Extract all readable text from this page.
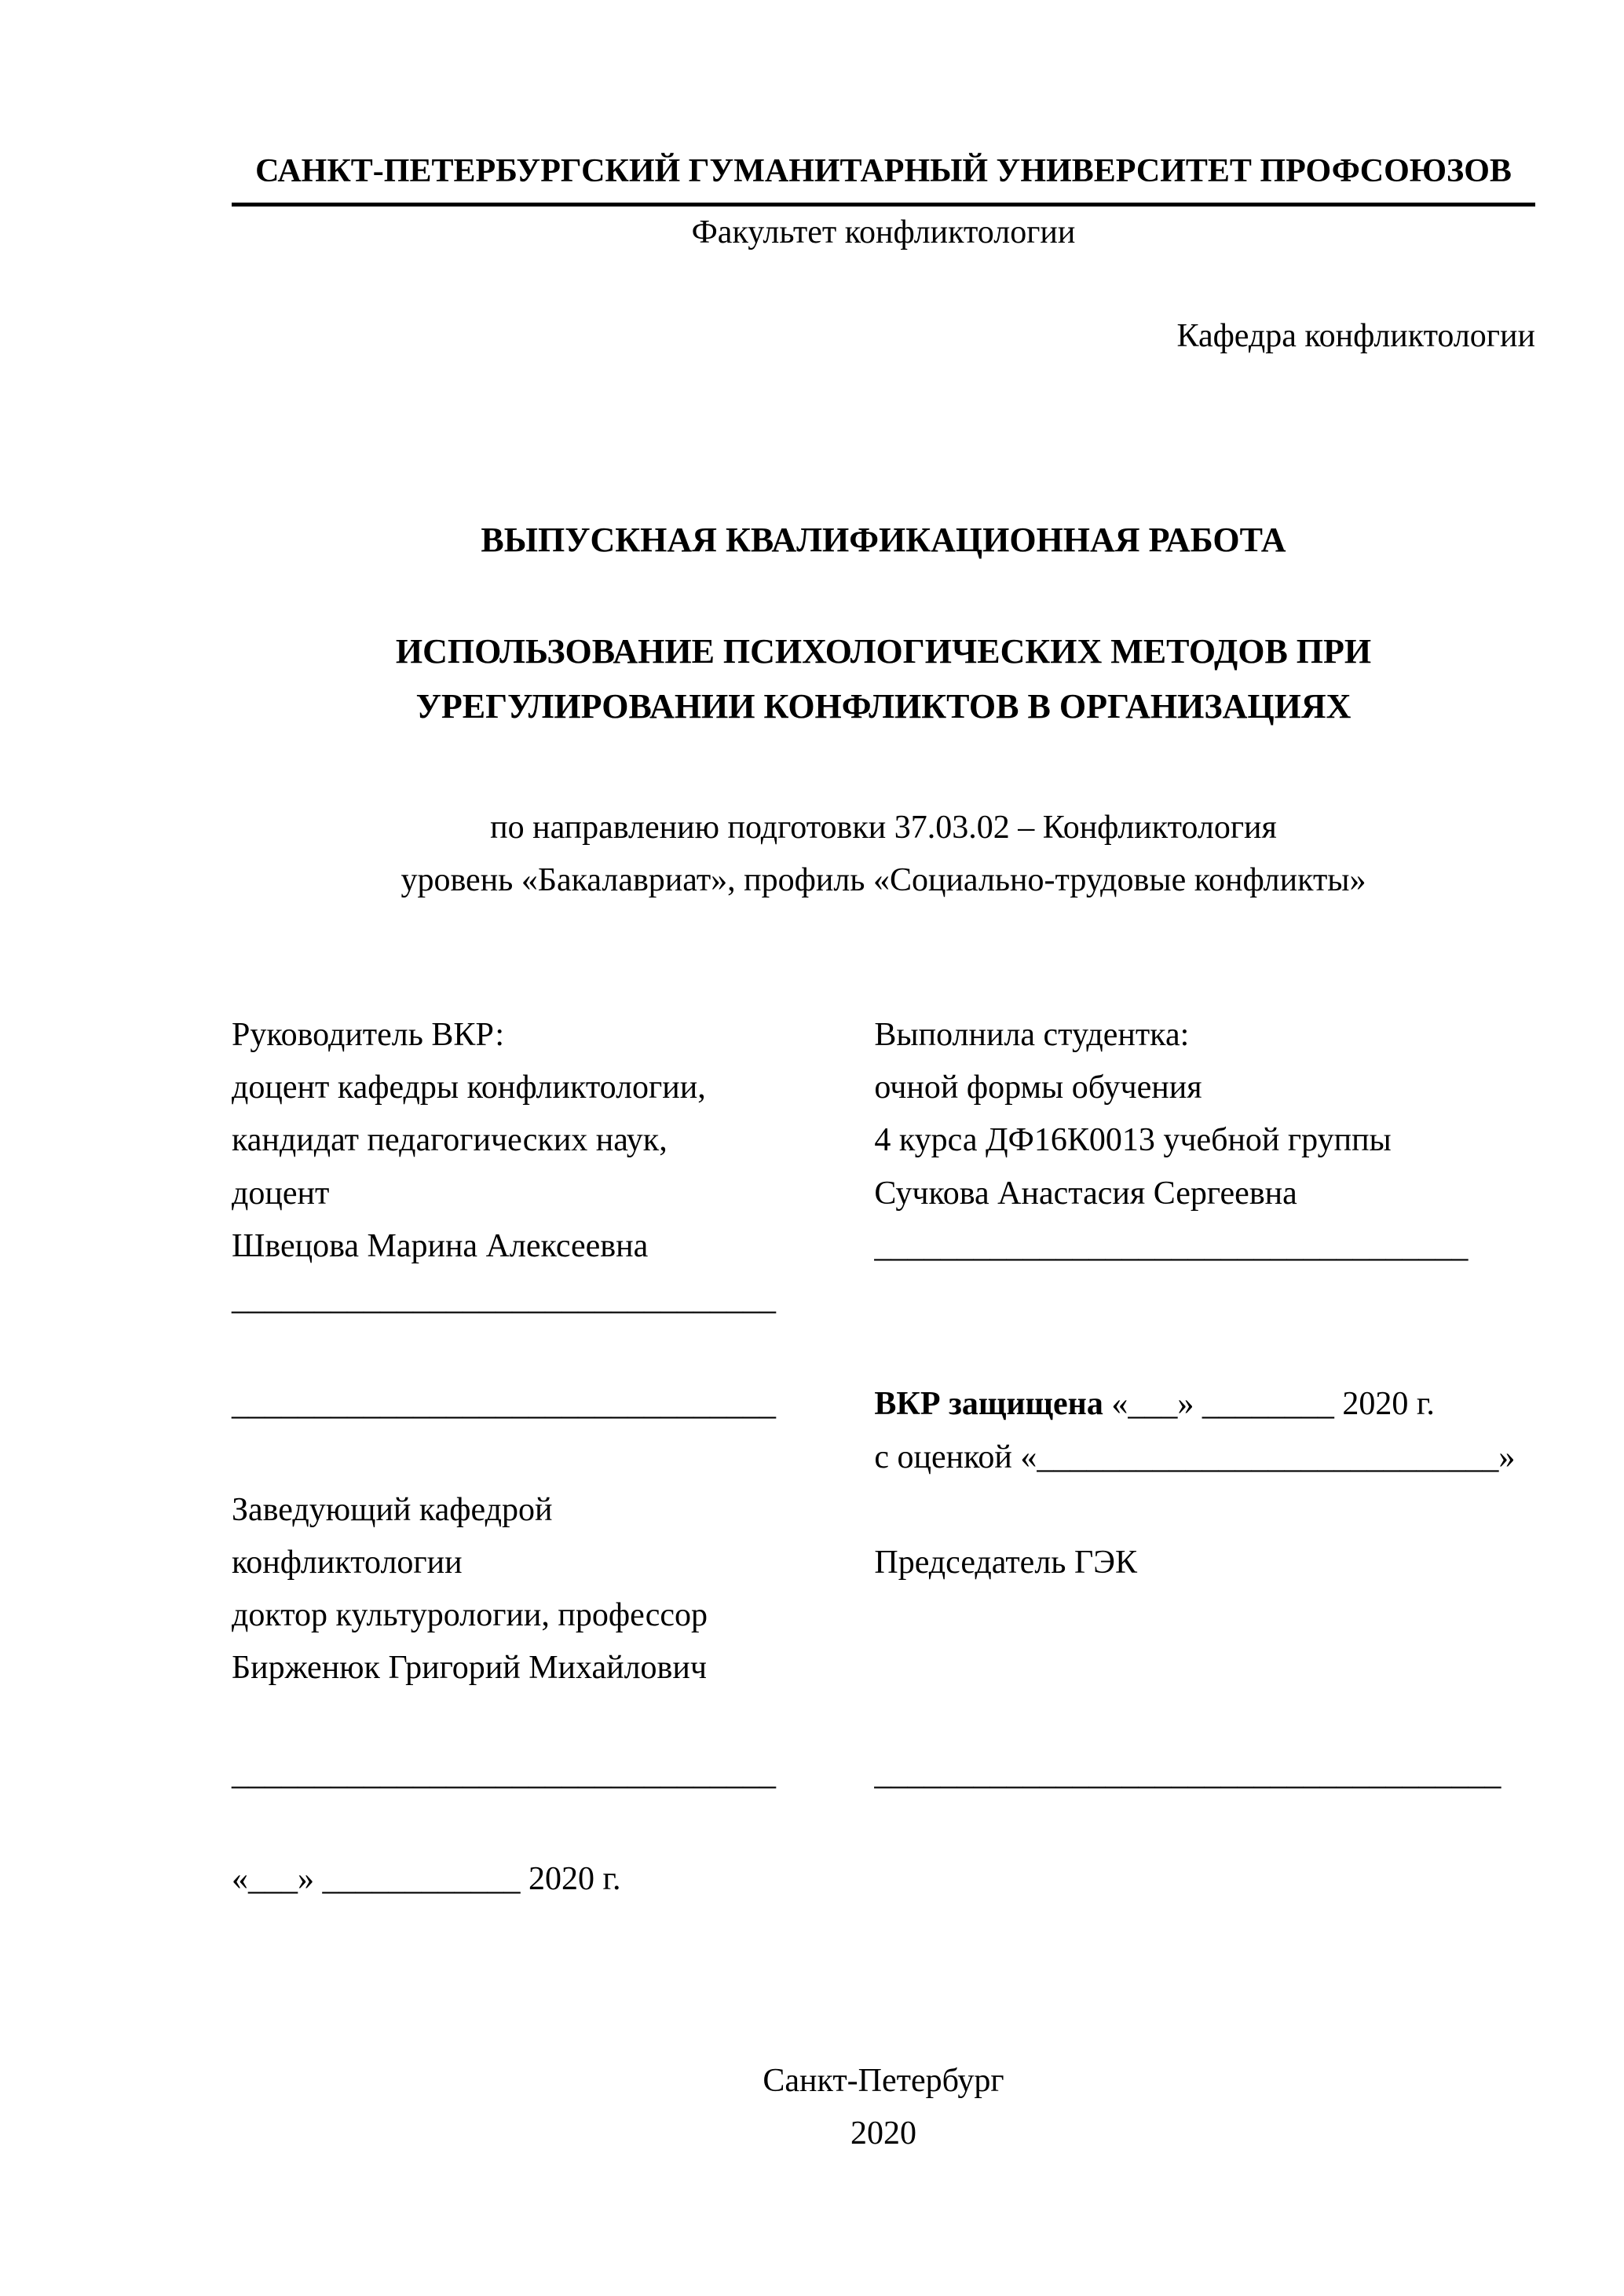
САНКТ-ПЕТЕРБУРГСКИЙ ГУМАНИТАРНЫЙ УНИВЕРСИТЕТ ПРОФСОЮЗОВ
Факультет конфликтологии
Кафедра конфликтологии
ВЫПУСКНАЯ КВАЛИФИКАЦИОННАЯ РАБОТА
ИСПОЛЬЗОВАНИЕ ПСИХОЛОГИЧЕСКИХ МЕТОДОВ ПРИ
УРЕГУЛИРОВАНИИ КОНФЛИКТОВ В ОРГАНИЗАЦИЯХ
по направлению подготовки 37.03.02 – Конфликтология
уровень «Бакалавриат», профиль «Социально-трудовые конфликты»
Руководитель ВКР:
доцент кафедры конфликтологии,
кандидат педагогических наук,
доцент
Швецова Марина Алексеевна
_________________________________
_________________________________
Заведующий кафедрой
конфликтологии
доктор культурологии, профессор
Бирженюк Григорий Михайлович
_________________________________
«___» ____________ 2020 г.
Выполнила студентка:
очной формы обучения
4 курса ДФ16К0013 учебной группы
Сучкова Анастасия Сергеевна
____________________________________
ВКР защищена «___» ________ 2020 г.
с оценкой «____________________________»
Председатель ГЭК
______________________________________
Санкт-Петербург
2020
